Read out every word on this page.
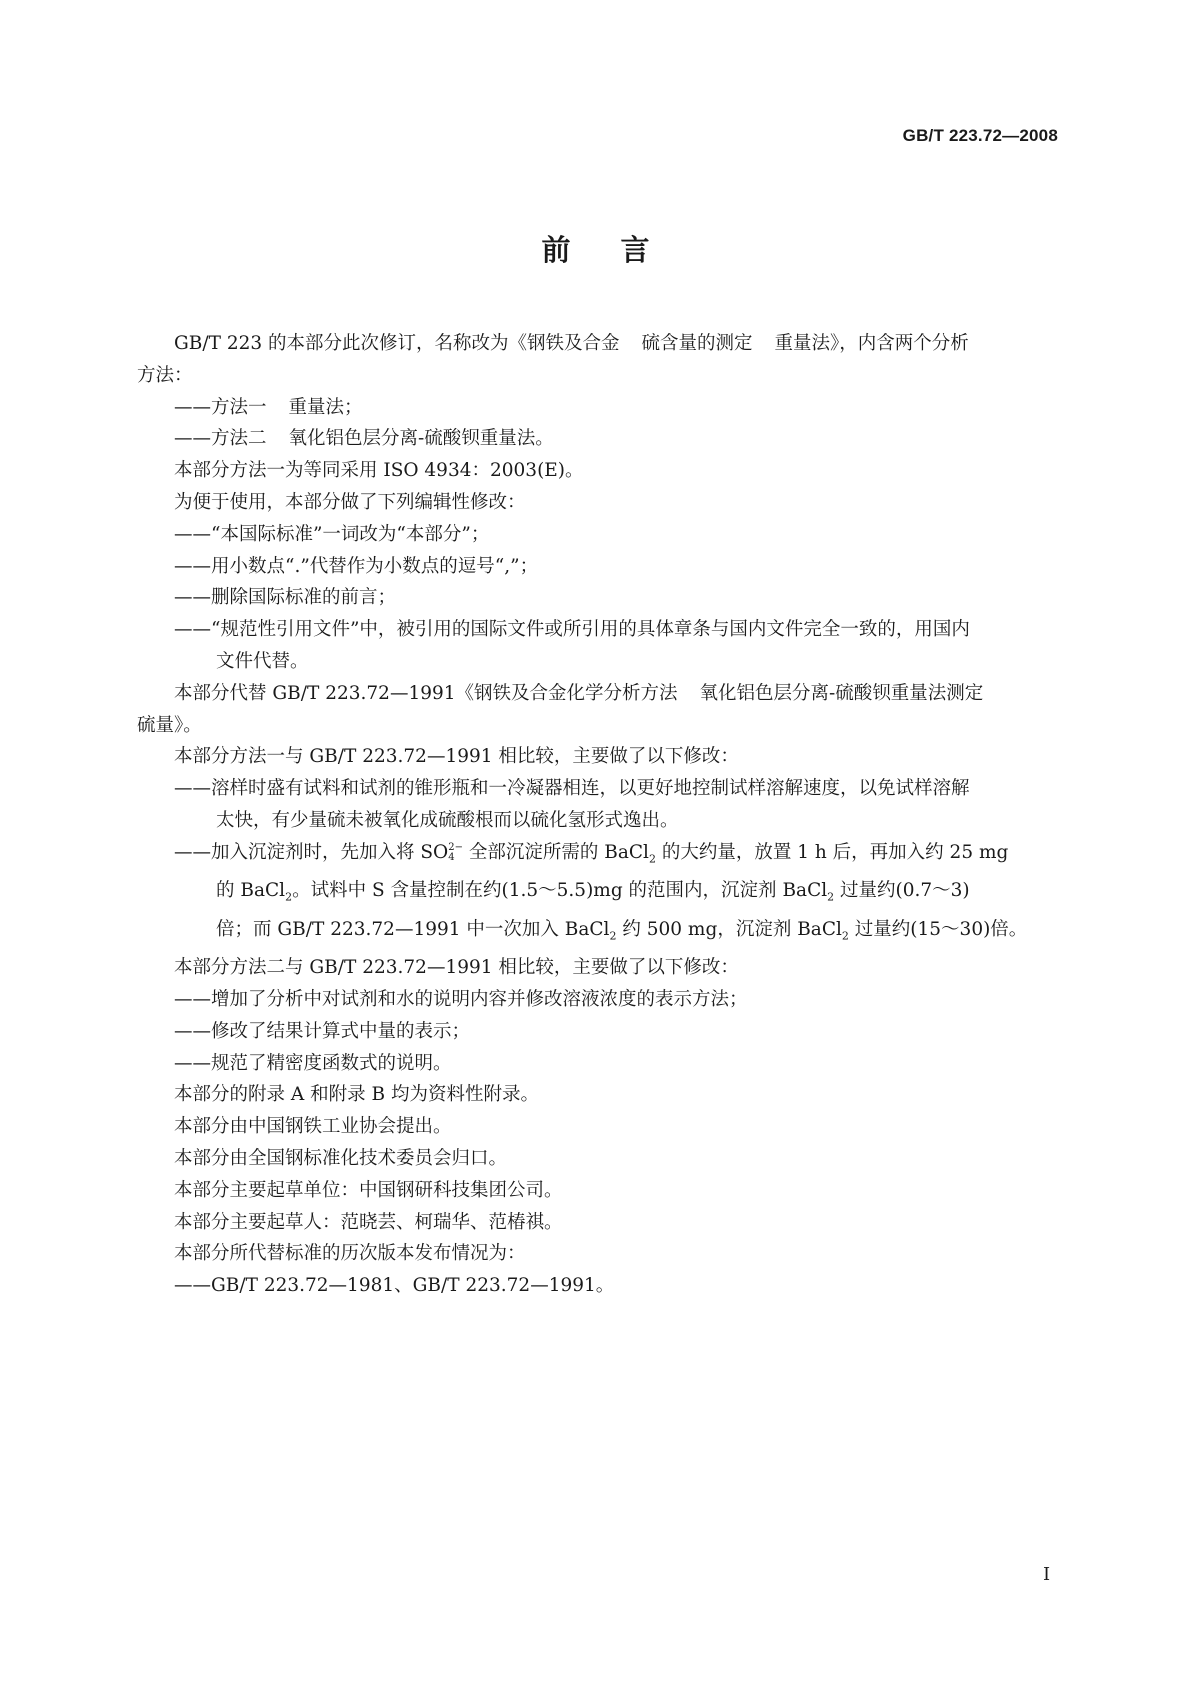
GB/T 223.72—2008
前 言
GB/T 223 的本部分此次修订，名称改为《钢铁及合金 硫含量的测定 重量法》，内含两个分析
方法：
——方法一 重量法；
——方法二 氧化铝色层分离-硫酸钡重量法。
本部分方法一为等同采用 ISO 4934：2003(E)。
为便于使用，本部分做了下列编辑性修改：
——“本国际标准”一词改为“本部分”；
——用小数点“.”代替作为小数点的逗号“,”；
——删除国际标准的前言；
——“规范性引用文件”中，被引用的国际文件或所引用的具体章条与国内文件完全一致的，用国内
文件代替。
本部分代替 GB/T 223.72—1991《钢铁及合金化学分析方法 氧化铝色层分离-硫酸钡重量法测定
硫量》。
本部分方法一与 GB/T 223.72—1991 相比较，主要做了以下修改：
——溶样时盛有试料和试剂的锥形瓶和一冷凝器相连，以更好地控制试样溶解速度，以免试样溶解
太快，有少量硫未被氧化成硫酸根而以硫化氢形式逸出。
——加入沉淀剂时，先加入将 SO 2−
4 全部沉淀所需的 BaCl$_2$ 的大约量，放置 1 h 后，再加入约 25 mg
的 BaCl$_2$。试料中 S 含量控制在约(1.5～5.5)mg 的范围内，沉淀剂 BaCl$_2$ 过量约(0.7～3)
倍；而 GB/T 223.72—1991 中一次加入 BaCl$_2$ 约 500 mg，沉淀剂 BaCl$_2$ 过量约(15～30)倍。
本部分方法二与 GB/T 223.72—1991 相比较，主要做了以下修改：
——增加了分析中对试剂和水的说明内容并修改溶液浓度的表示方法；
——修改了结果计算式中量的表示；
——规范了精密度函数式的说明。
本部分的附录 A 和附录 B 均为资料性附录。
本部分由中国钢铁工业协会提出。
本部分由全国钢标准化技术委员会归口。
本部分主要起草单位：中国钢研科技集团公司。
本部分主要起草人：范晓芸、柯瑞华、范椿祺。
本部分所代替标准的历次版本发布情况为：
——GB/T 223.72—1981、GB/T 223.72—1991。
I
